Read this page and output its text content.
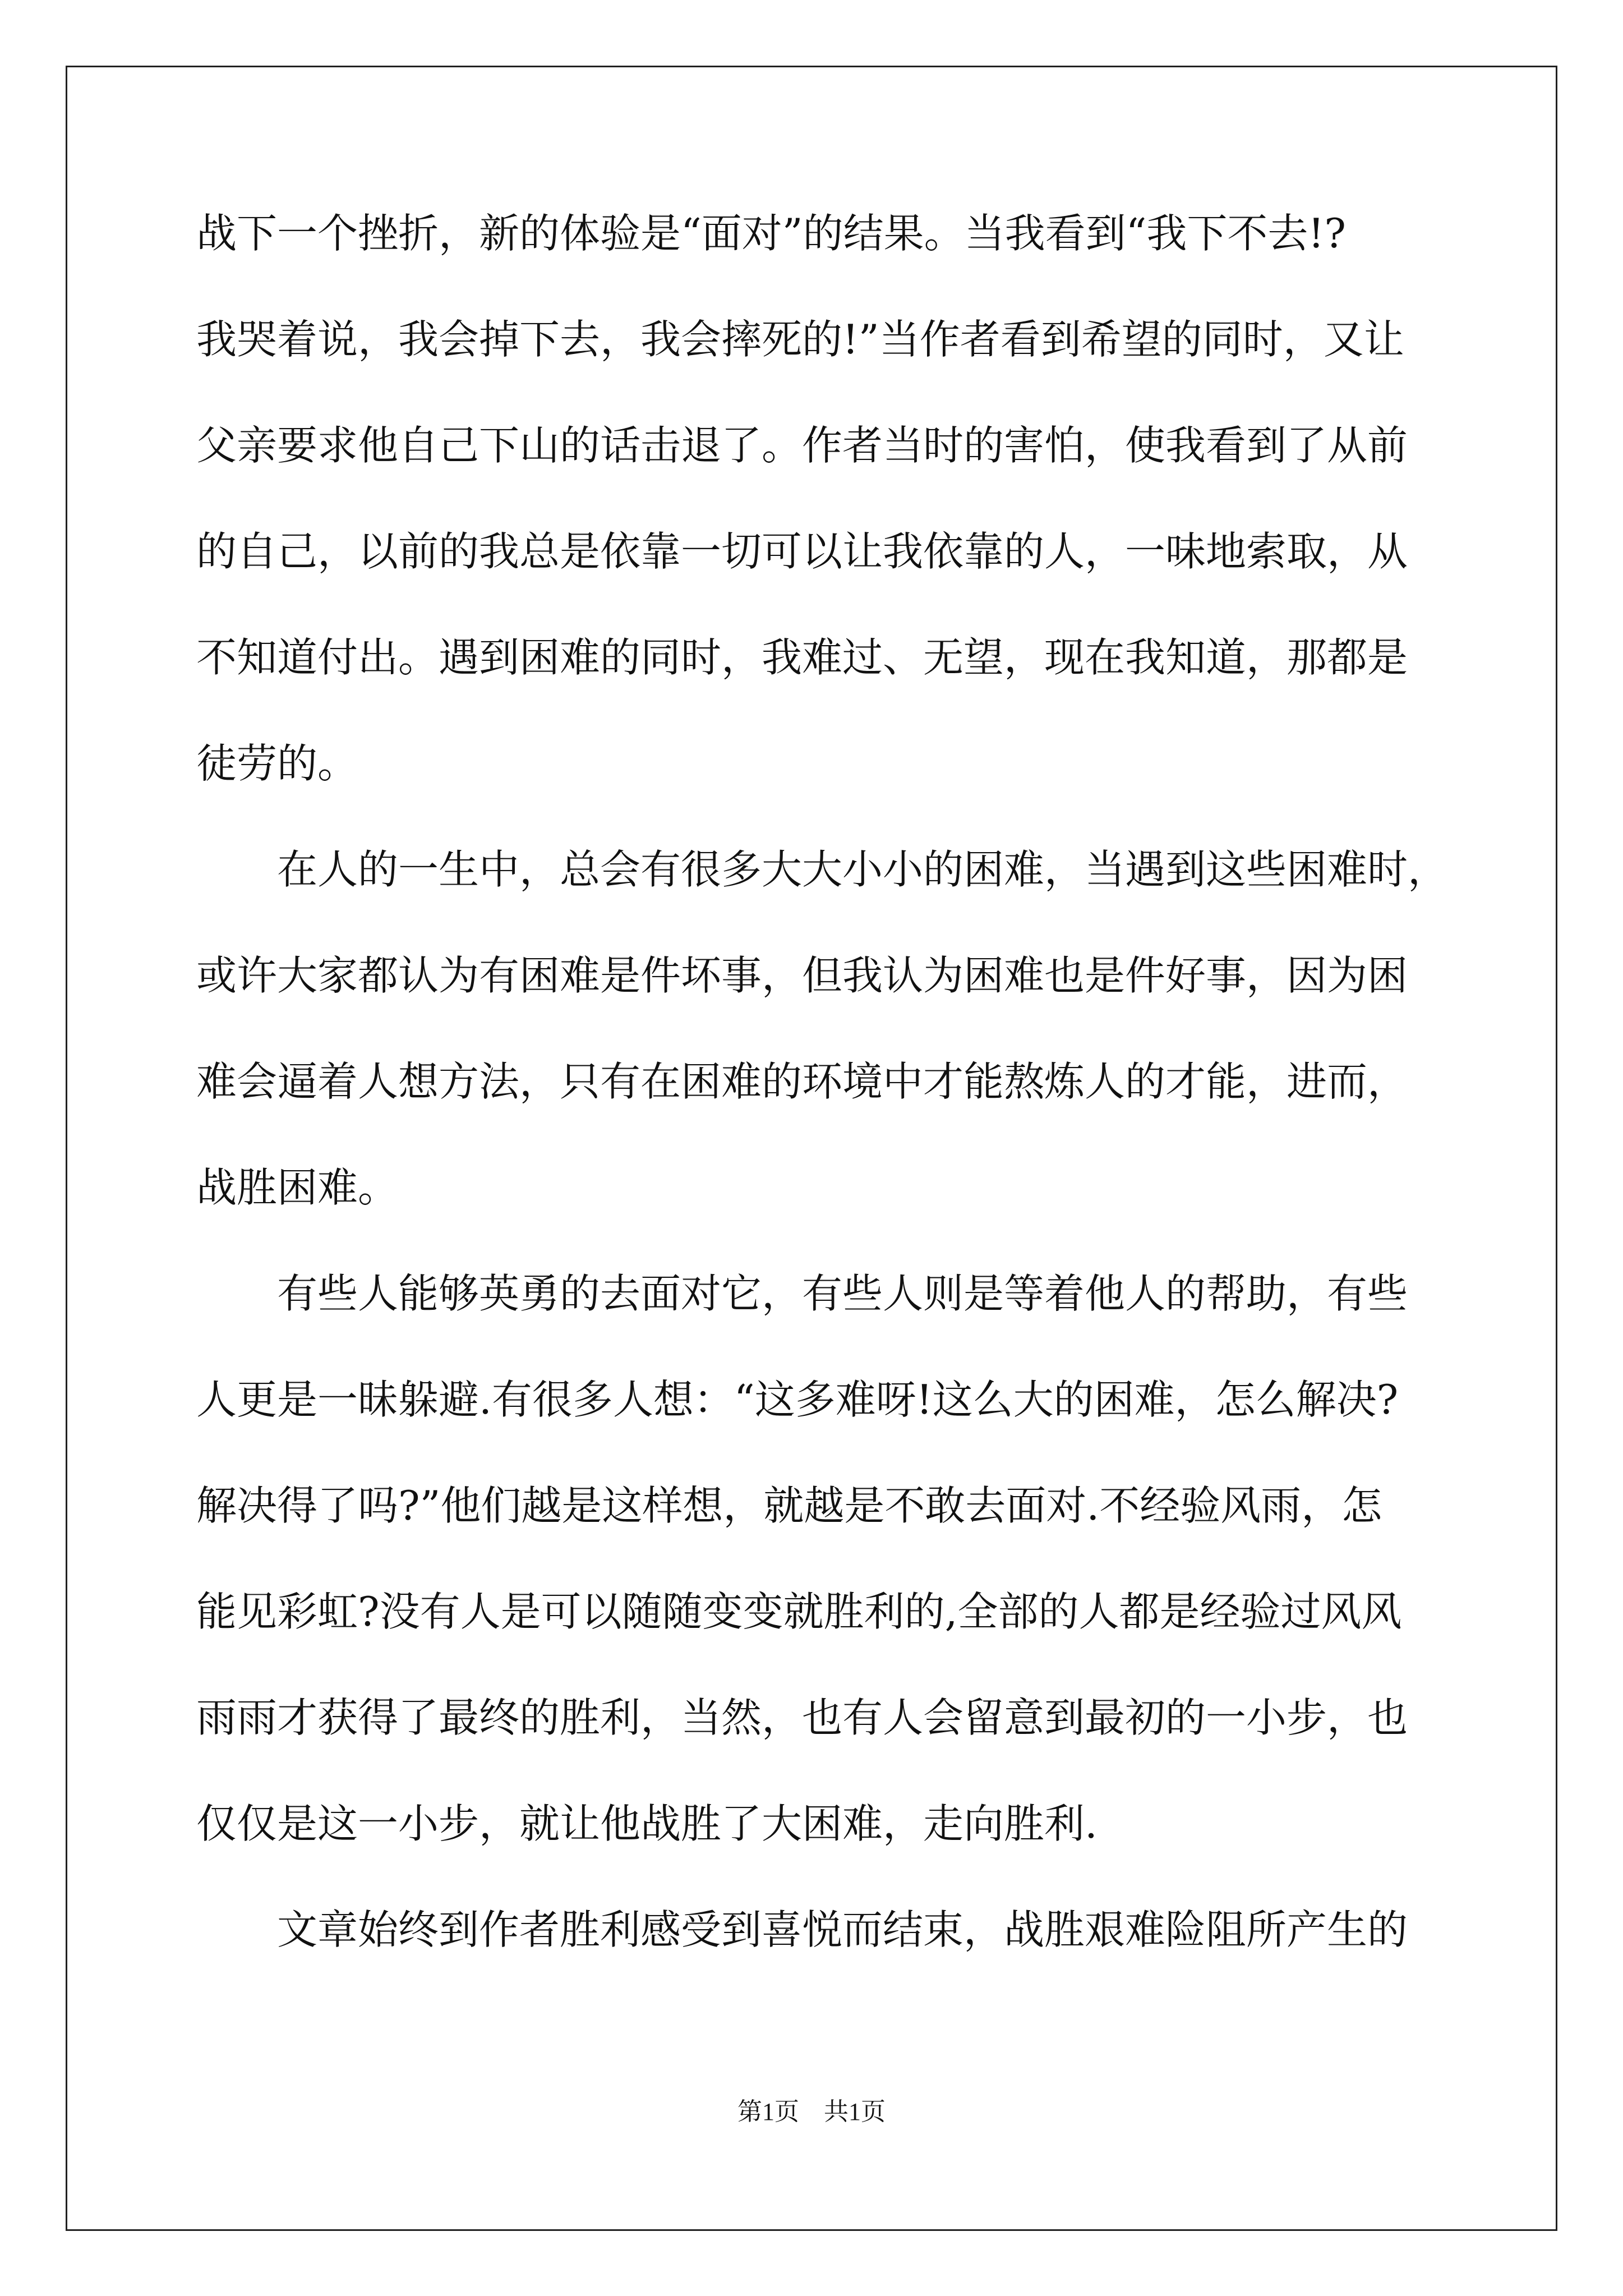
战下一个挫折，新的体验是“面对”的结果。当我看到“我下不去!?
我哭着说，我会掉下去，我会摔死的!”当作者看到希望的同时，又让
父亲要求他自己下山的话击退了。作者当时的害怕，使我看到了从前
的自己，以前的我总是依靠一切可以让我依靠的人，一味地索取，从
不知道付出。遇到困难的同时，我难过、无望，现在我知道，那都是
徒劳的。
　　在人的一生中，总会有很多大大小小的困难，当遇到这些困难时，
或许大家都认为有困难是件坏事，但我认为困难也是件好事，因为困
难会逼着人想方法，只有在困难的环境中才能熬炼人的才能，进而，
战胜困难。
　　有些人能够英勇的去面对它，有些人则是等着他人的帮助，有些
人更是一昧躲避.有很多人想：“这多难呀!这么大的困难，怎么解决?
解决得了吗?”他们越是这样想，就越是不敢去面对.不经验风雨，怎
能见彩虹?没有人是可以随随变变就胜利的,全部的人都是经验过风风
雨雨才获得了最终的胜利，当然，也有人会留意到最初的一小步，也
仅仅是这一小步，就让他战胜了大困难，走向胜利.
　　文章始终到作者胜利感受到喜悦而结束，战胜艰难险阻所产生的
第1页　共1页
